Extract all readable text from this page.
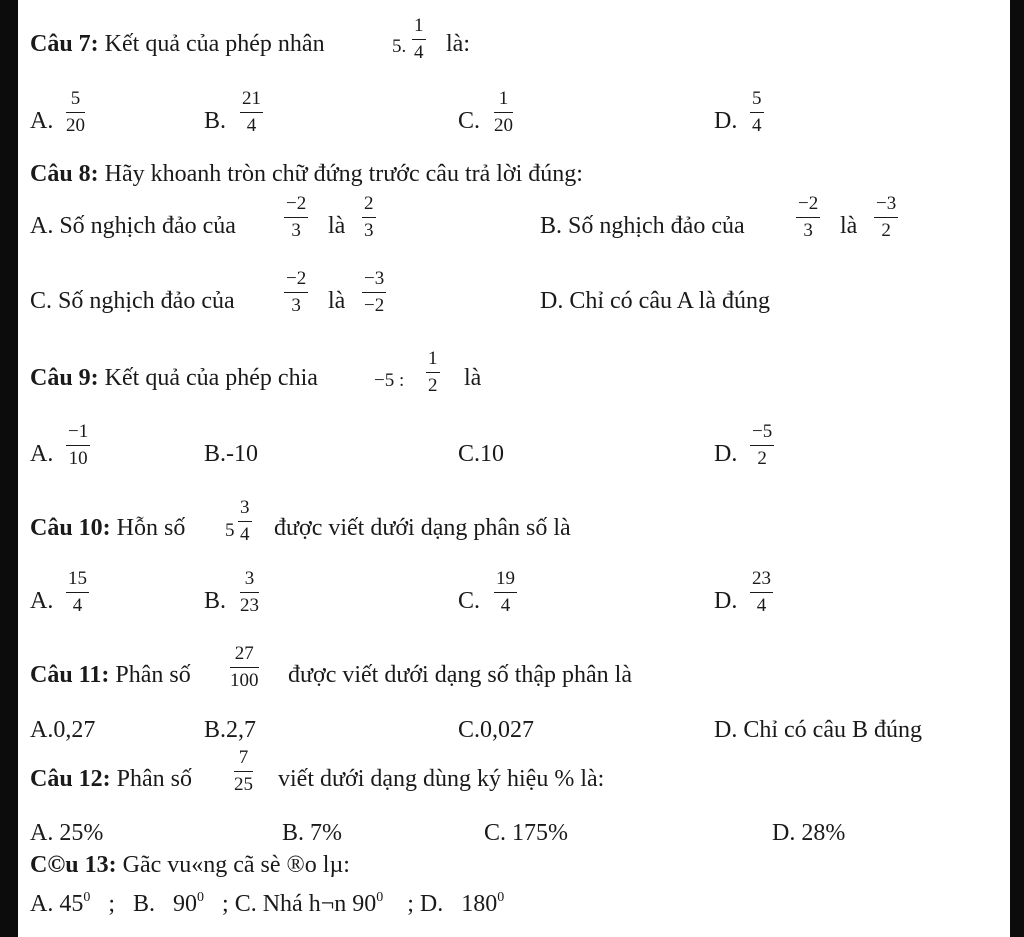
Câu 7: Kết quả của phép nhân	5. $\frac{1}{4}$ là:
A. $\frac{5}{20}$	B. $\frac{21}{4}$	C. $\frac{1}{20}$	D. $\frac{5}{4}$
Câu 8: Hãy khoanh tròn chữ đứng trước câu trả lời đúng:
A. Số nghịch đảo của	$\frac{-2}{3}$ là $\frac{2}{3}$	B. Số nghịch đảo của	$\frac{-2}{3}$ là $\frac{-3}{2}$
C. Số nghịch đảo của	$\frac{-2}{3}$ là $\frac{-3}{-2}$	D. Chỉ có câu A là đúng
Câu 9: Kết quả của phép chia	−5 : $\frac{1}{2}$ là
A. $\frac{-1}{10}$	B.-10	C.10	D. $\frac{-5}{2}$
Câu 10: Hỗn số $5 \frac{3}{4}$ được viết dưới dạng phân số là
A. $\frac{15}{4}$	B. $\frac{3}{23}$	C. $\frac{19}{4}$	D. $\frac{23}{4}$
Câu 11: Phân số $\frac{27}{100}$ được viết dưới dạng số thập phân là
A.0,27	B.2,7	C.0,027	D. Chỉ có câu B đúng
Câu 12: Phân số $\frac{7}{25}$ viết dưới dạng dùng ký hiệu % là:
A. 25%	B. 7%	C. 175%	D. 28%
C©u 13: Gãc vu«ng cã sè ®o lµ:
A. $45^0$ ; B. $90^0$ ; C. Nhá h¬n $90^0$ ; D. $180^0$
